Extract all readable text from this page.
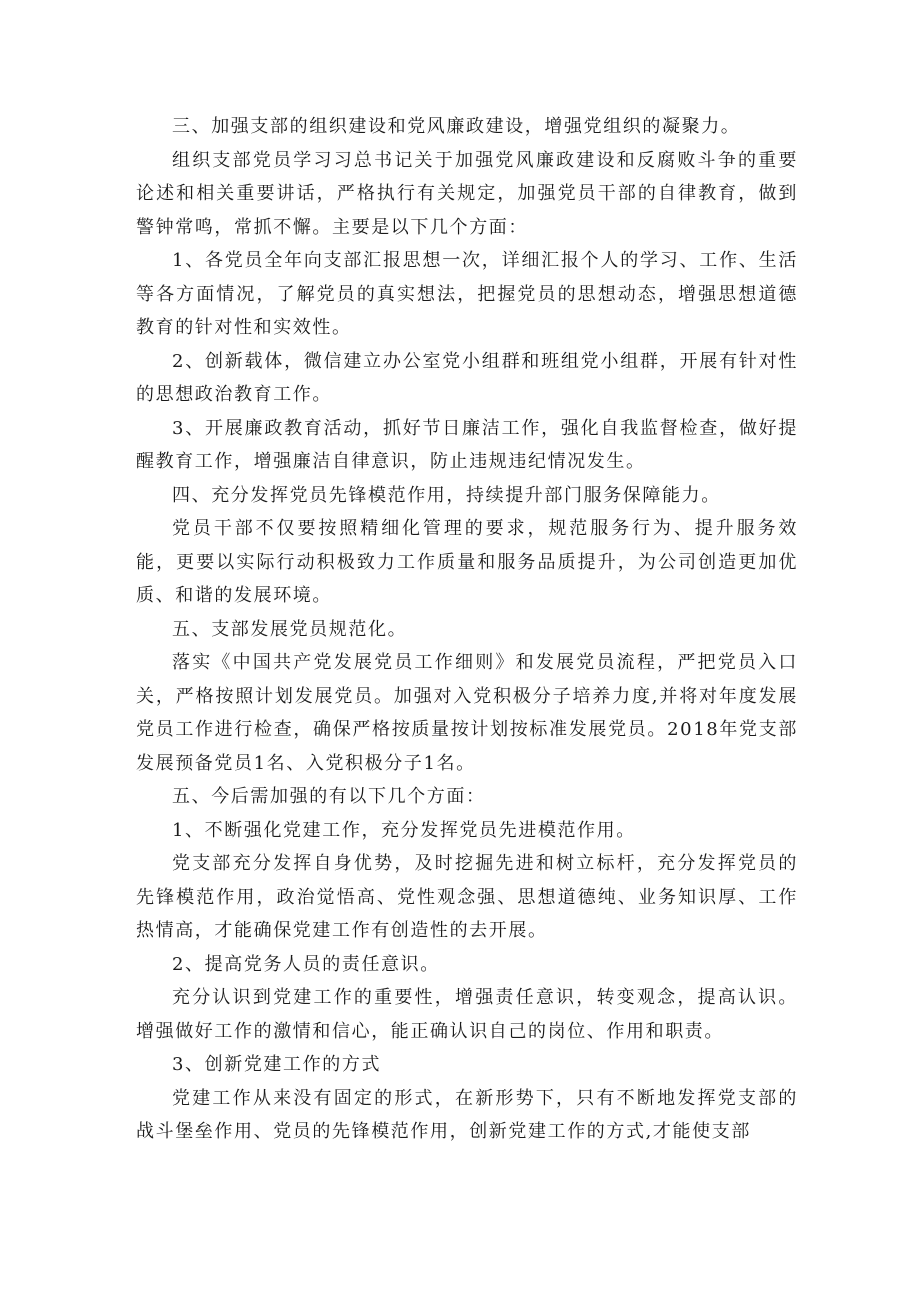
三、加强支部的组织建设和党风廉政建设，增强党组织的凝聚力。

组织支部党员学习习总书记关于加强党风廉政建设和反腐败斗争的重要论述和相关重要讲话，严格执行有关规定，加强党员干部的自律教育，做到警钟常鸣，常抓不懈。主要是以下几个方面：

1、各党员全年向支部汇报思想一次，详细汇报个人的学习、工作、生活等各方面情况，了解党员的真实想法，把握党员的思想动态，增强思想道德教育的针对性和实效性。

2、创新载体，微信建立办公室党小组群和班组党小组群，开展有针对性的思想政治教育工作。

3、开展廉政教育活动，抓好节日廉洁工作，强化自我监督检查，做好提醒教育工作，增强廉洁自律意识，防止违规违纪情况发生。

四、充分发挥党员先锋模范作用，持续提升部门服务保障能力。

党员干部不仅要按照精细化管理的要求，规范服务行为、提升服务效能，更要以实际行动积极致力工作质量和服务品质提升，为公司创造更加优质、和谐的发展环境。

五、支部发展党员规范化。

落实《中国共产党发展党员工作细则》和发展党员流程，严把党员入口关，严格按照计划发展党员。加强对入党积极分子培养力度,并将对年度发展党员工作进行检查，确保严格按质量按计划按标准发展党员。2018年党支部发展预备党员1名、入党积极分子1名。

五、今后需加强的有以下几个方面：

1、不断强化党建工作，充分发挥党员先进模范作用。

党支部充分发挥自身优势，及时挖掘先进和树立标杆，充分发挥党员的先锋模范作用，政治觉悟高、党性观念强、思想道德纯、业务知识厚、工作热情高，才能确保党建工作有创造性的去开展。

2、提高党务人员的责任意识。

充分认识到党建工作的重要性，增强责任意识，转变观念，提高认识。增强做好工作的激情和信心，能正确认识自己的岗位、作用和职责。

3、创新党建工作的方式

党建工作从来没有固定的形式，在新形势下，只有不断地发挥党支部的战斗堡垒作用、党员的先锋模范作用，创新党建工作的方式,才能使支部
